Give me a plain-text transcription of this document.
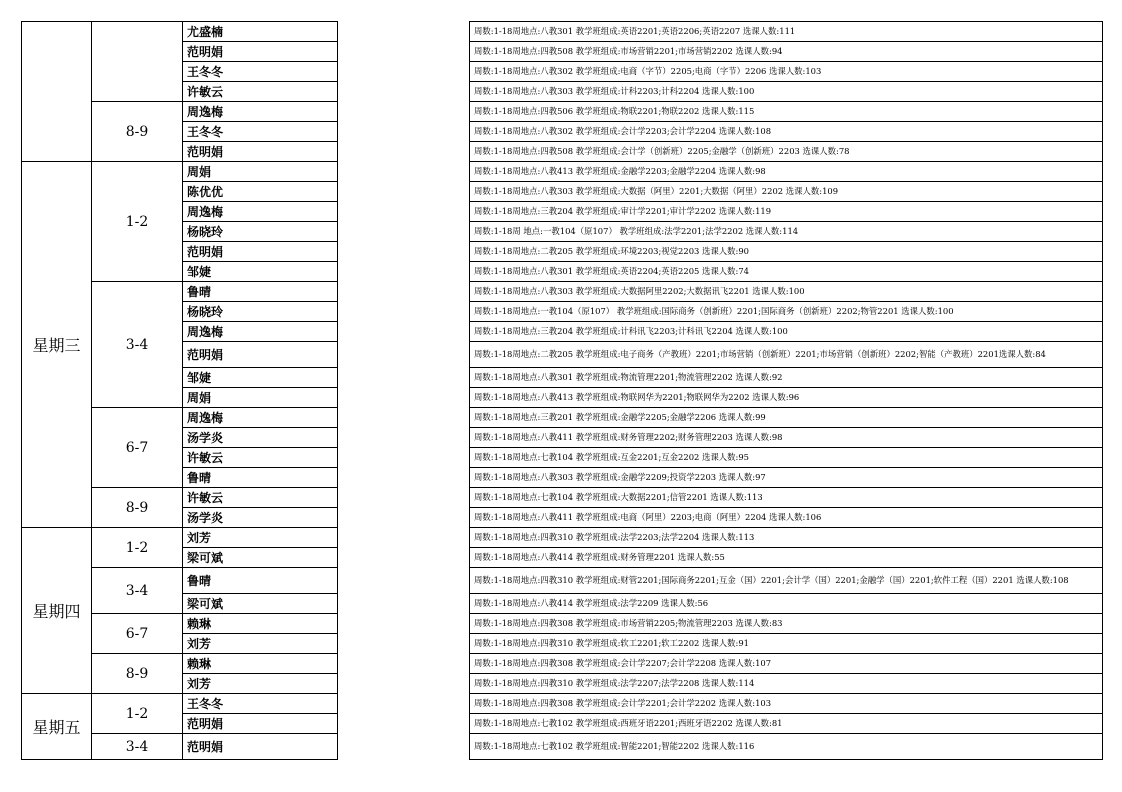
		尤盛楠		周数:1-18周地点:八教301 教学班组成:英语2201;英语2206;英语2207 选课人数:111
		范明娟		周数:1-18周地点:四教508 教学班组成:市场营销2201;市场营销2202 选课人数:94
		王冬冬		周数:1-18周地点:八教302 教学班组成:电商（字节）2205;电商（字节）2206 选课人数:103
		许敏云		周数:1-18周地点:八教303 教学班组成:计科2203;计科2204 选课人数:100
	8-9	周逸梅		周数:1-18周地点:四教506 教学班组成:物联2201;物联2202 选课人数:115
		王冬冬		周数:1-18周地点:八教302 教学班组成:会计学2203;会计学2204 选课人数:108
		范明娟		周数:1-18周地点:四教508 教学班组成:会计学（创新班）2205;金融学（创新班）2203 选课人数:78
星期三	1-2	周娟		周数:1-18周地点:八教413 教学班组成:金融学2203;金融学2204 选课人数:98
		陈优优		周数:1-18周地点:八教303 教学班组成:大数据（阿里）2201;大数据（阿里）2202 选课人数:109
		周逸梅		周数:1-18周地点:三教204 教学班组成:审计学2201;审计学2202 选课人数:119
		杨晓玲		周数:1-18周 地点:一教104（原107） 教学班组成:法学2201;法学2202 选课人数:114
		范明娟		周数:1-18周地点:二教205 教学班组成:环境2203;视觉2203 选课人数:90
		邹婕		周数:1-18周地点:八教301 教学班组成:英语2204;英语2205 选课人数:74
	3-4	鲁晴		周数:1-18周地点:八教303 教学班组成:大数据阿里2202;大数据讯飞2201 选课人数:100
		杨晓玲		周数:1-18周地点:一教104（原107） 教学班组成:国际商务（创新班）2201;国际商务（创新班）2202;物管2201 选课人数:100
		周逸梅		周数:1-18周地点:三教204 教学班组成:计科讯飞2203;计科讯飞2204 选课人数:100
		范明娟		周数:1-18周地点:二教205 教学班组成:电子商务（产教班）2201;市场营销（创新班）2201;市场营销（创新班）2202;智能（产教班）2201选课人数:84
		邹婕		周数:1-18周地点:八教301 教学班组成:物流管理2201;物流管理2202 选课人数:92
		周娟		周数:1-18周地点:八教413 教学班组成:物联网华为2201;物联网华为2202 选课人数:96
	6-7	周逸梅		周数:1-18周地点:三教201 教学班组成:金融学2205;金融学2206 选课人数:99
		汤学炎		周数:1-18周地点:八教411 教学班组成:财务管理2202;财务管理2203 选课人数:98
		许敏云		周数:1-18周地点:七教104 教学班组成:互金2201;互金2202 选课人数:95
		鲁晴		周数:1-18周地点:八教303 教学班组成:金融学2209;投资学2203 选课人数:97
	8-9	许敏云		周数:1-18周地点:七教104 教学班组成:大数据2201;信管2201 选课人数:113
		汤学炎		周数:1-18周地点:八教411 教学班组成:电商（阿里）2203;电商（阿里）2204 选课人数:106
星期四	1-2	刘芳		周数:1-18周地点:四教310 教学班组成:法学2203;法学2204 选课人数:113
		梁可斌		周数:1-18周地点:八教414 教学班组成:财务管理2201 选课人数:55
	3-4	鲁晴		周数:1-18周地点:四教310 教学班组成:财管2201;国际商务2201;互金（国）2201;会计学（国）2201;金融学（国）2201;软件工程（国）2201 选课人数:108
		梁可斌		周数:1-18周地点:八教414 教学班组成:法学2209 选课人数:56
	6-7	赖琳		周数:1-18周地点:四教308 教学班组成:市场营销2205;物流管理2203 选课人数:83
		刘芳		周数:1-18周地点:四教310 教学班组成:软工2201;软工2202 选课人数:91
	8-9	赖琳		周数:1-18周地点:四教308 教学班组成:会计学2207;会计学2208 选课人数:107
		刘芳		周数:1-18周地点:四教310 教学班组成:法学2207;法学2208 选课人数:114
星期五	1-2	王冬冬		周数:1-18周地点:四教308 教学班组成:会计学2201;会计学2202 选课人数:103
		范明娟		周数:1-18周地点:七教102 教学班组成:西班牙语2201;西班牙语2202 选课人数:81
	3-4	范明娟		周数:1-18周地点:七教102 教学班组成:智能2201;智能2202 选课人数:116
